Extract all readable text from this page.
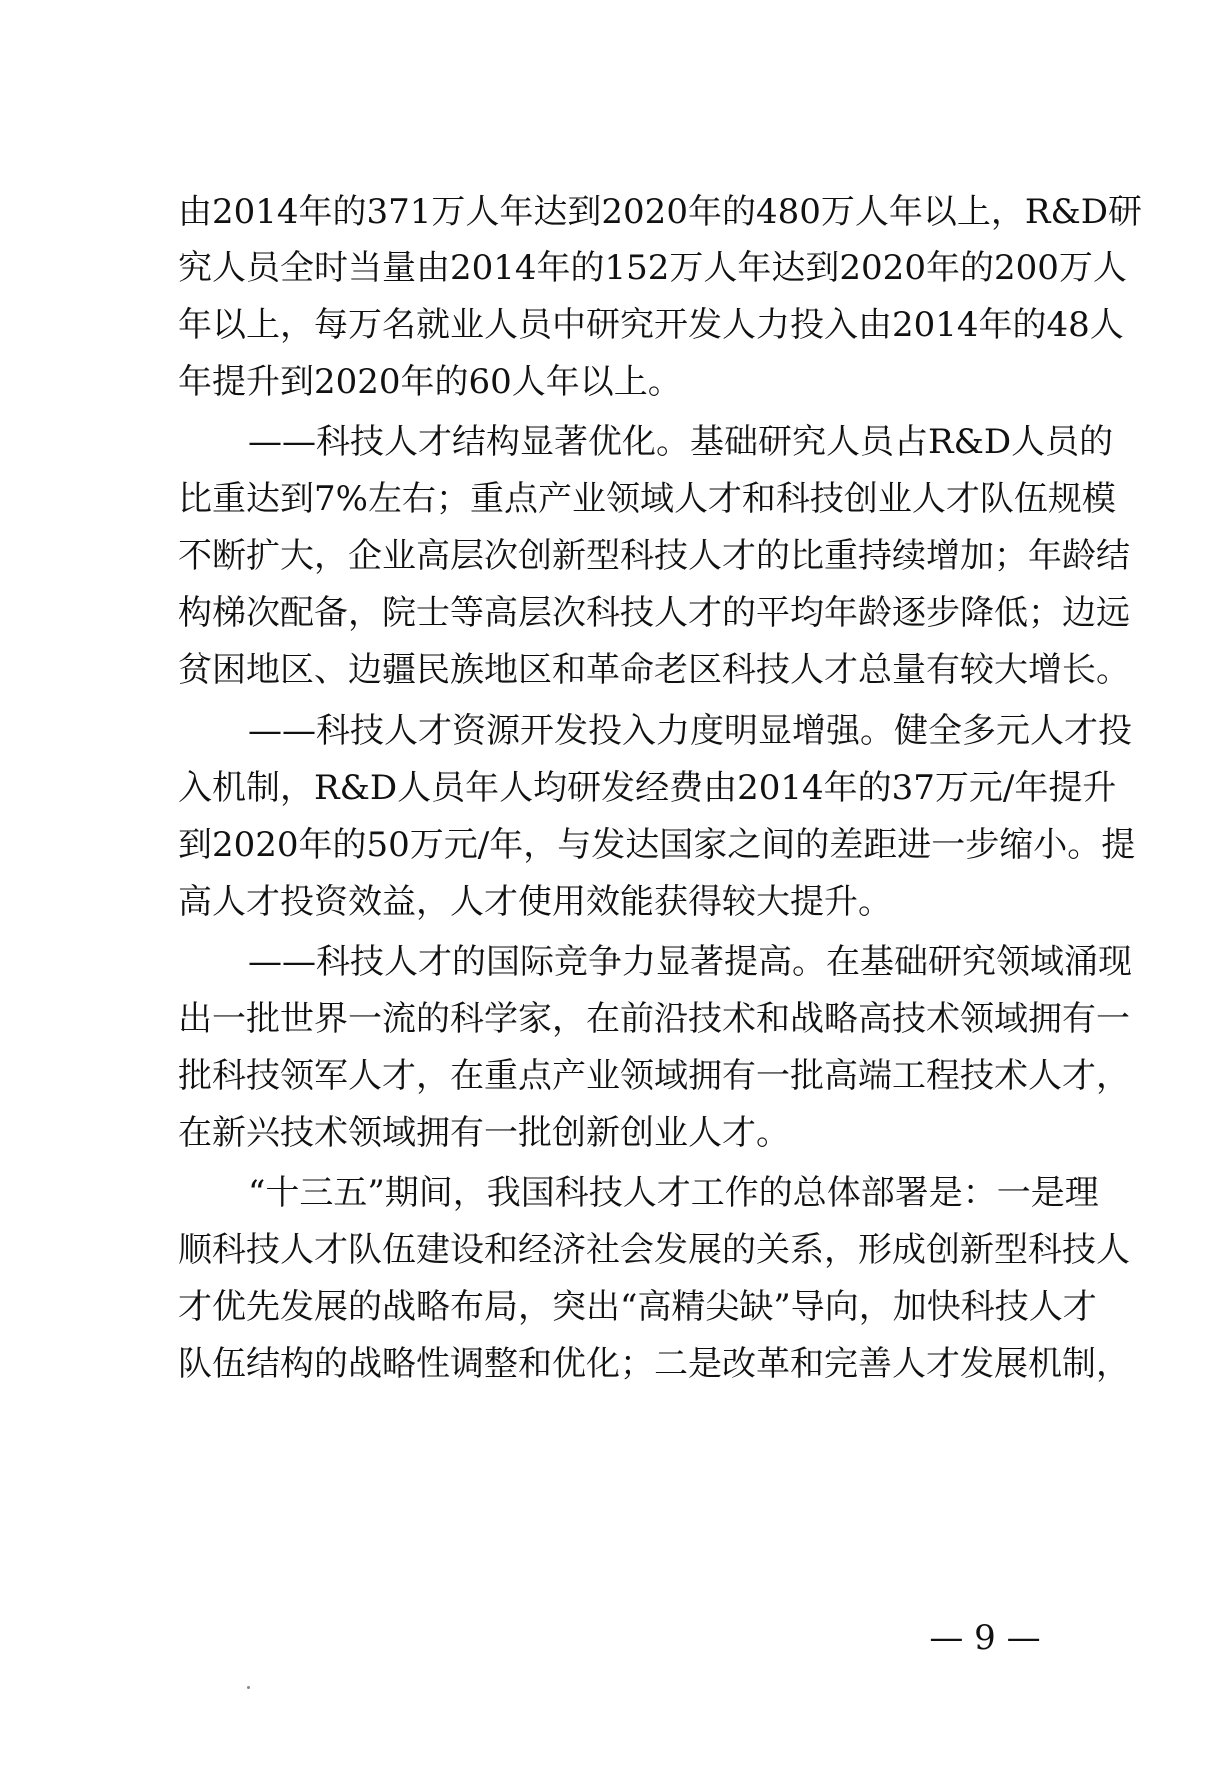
由2014年的371万人年达到2020年的480万人年以上，R&D研
究人员全时当量由2014年的152万人年达到2020年的200万人
年以上，每万名就业人员中研究开发人力投入由2014年的48人
年提升到2020年的60人年以上。
——科技人才结构显著优化。基础研究人员占R&D人员的
比重达到7%左右；重点产业领域人才和科技创业人才队伍规模
不断扩大，企业高层次创新型科技人才的比重持续增加；年龄结
构梯次配备，院士等高层次科技人才的平均年龄逐步降低；边远
贫困地区、边疆民族地区和革命老区科技人才总量有较大增长。
——科技人才资源开发投入力度明显增强。健全多元人才投
入机制，R&D人员年人均研发经费由2014年的37万元/年提升
到2020年的50万元/年，与发达国家之间的差距进一步缩小。提
高人才投资效益，人才使用效能获得较大提升。
——科技人才的国际竞争力显著提高。在基础研究领域涌现
出一批世界一流的科学家，在前沿技术和战略高技术领域拥有一
批科技领军人才，在重点产业领域拥有一批高端工程技术人才，
在新兴技术领域拥有一批创新创业人才。
“十三五”期间，我国科技人才工作的总体部署是：一是理
顺科技人才队伍建设和经济社会发展的关系，形成创新型科技人
才优先发展的战略布局，突出“高精尖缺”导向，加快科技人才
队伍结构的战略性调整和优化；二是改革和完善人才发展机制，
— 9 —
